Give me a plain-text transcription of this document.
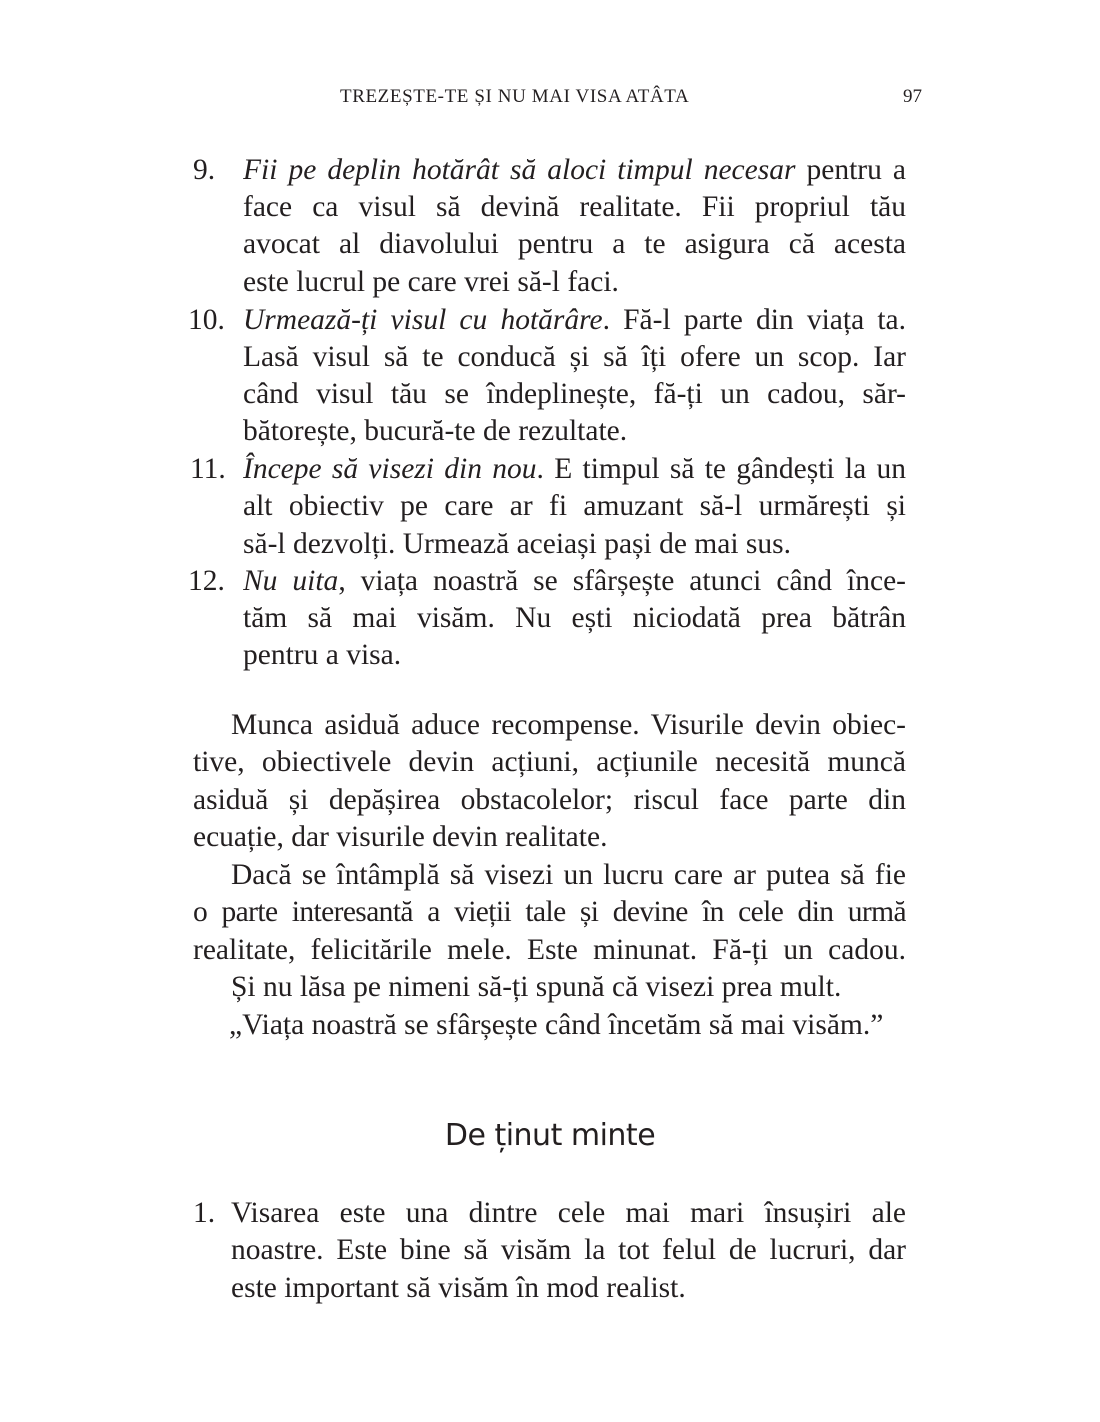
TREZEȘTE-TE ȘI NU MAI VISA ATÂTA	97
9. Fii pe deplin hotărât să aloci timpul necesar pentru a
face ca visul să devină realitate. Fii propriul tău
avocat al diavolului pentru a te asigura că acesta
este lucrul pe care vrei să-l faci.
10. Urmează-ți visul cu hotărâre. Fă-l parte din viața ta.
Lasă visul să te conducă și să îți ofere un scop. Iar
când visul tău se îndeplinește, fă-ți un cadou, săr-
bătorește, bucură-te de rezultate.
11. Începe să visezi din nou. E timpul să te gândești la un
alt obiectiv pe care ar fi amuzant să-l urmărești și
să-l dezvolți. Urmează aceiași pași de mai sus.
12. Nu uita, viața noastră se sfârșește atunci când înce-
tăm să mai visăm. Nu ești niciodată prea bătrân
pentru a visa.
Munca asiduă aduce recompense. Visurile devin obiec-
tive, obiectivele devin acțiuni, acțiunile necesită muncă
asiduă și depășirea obstacolelor; riscul face parte din
ecuație, dar visurile devin realitate.
Dacă se întâmplă să visezi un lucru care ar putea să fie
o parte interesantă a vieții tale și devine în cele din urmă
realitate, felicitările mele. Este minunat. Fă-ți un cadou.
Și nu lăsa pe nimeni să-ți spună că visezi prea mult.
„Viața noastră se sfârșește când încetăm să mai visăm.”
De ținut minte
1. Visarea este una dintre cele mai mari însușiri ale
noastre. Este bine să visăm la tot felul de lucruri, dar
este important să visăm în mod realist.
